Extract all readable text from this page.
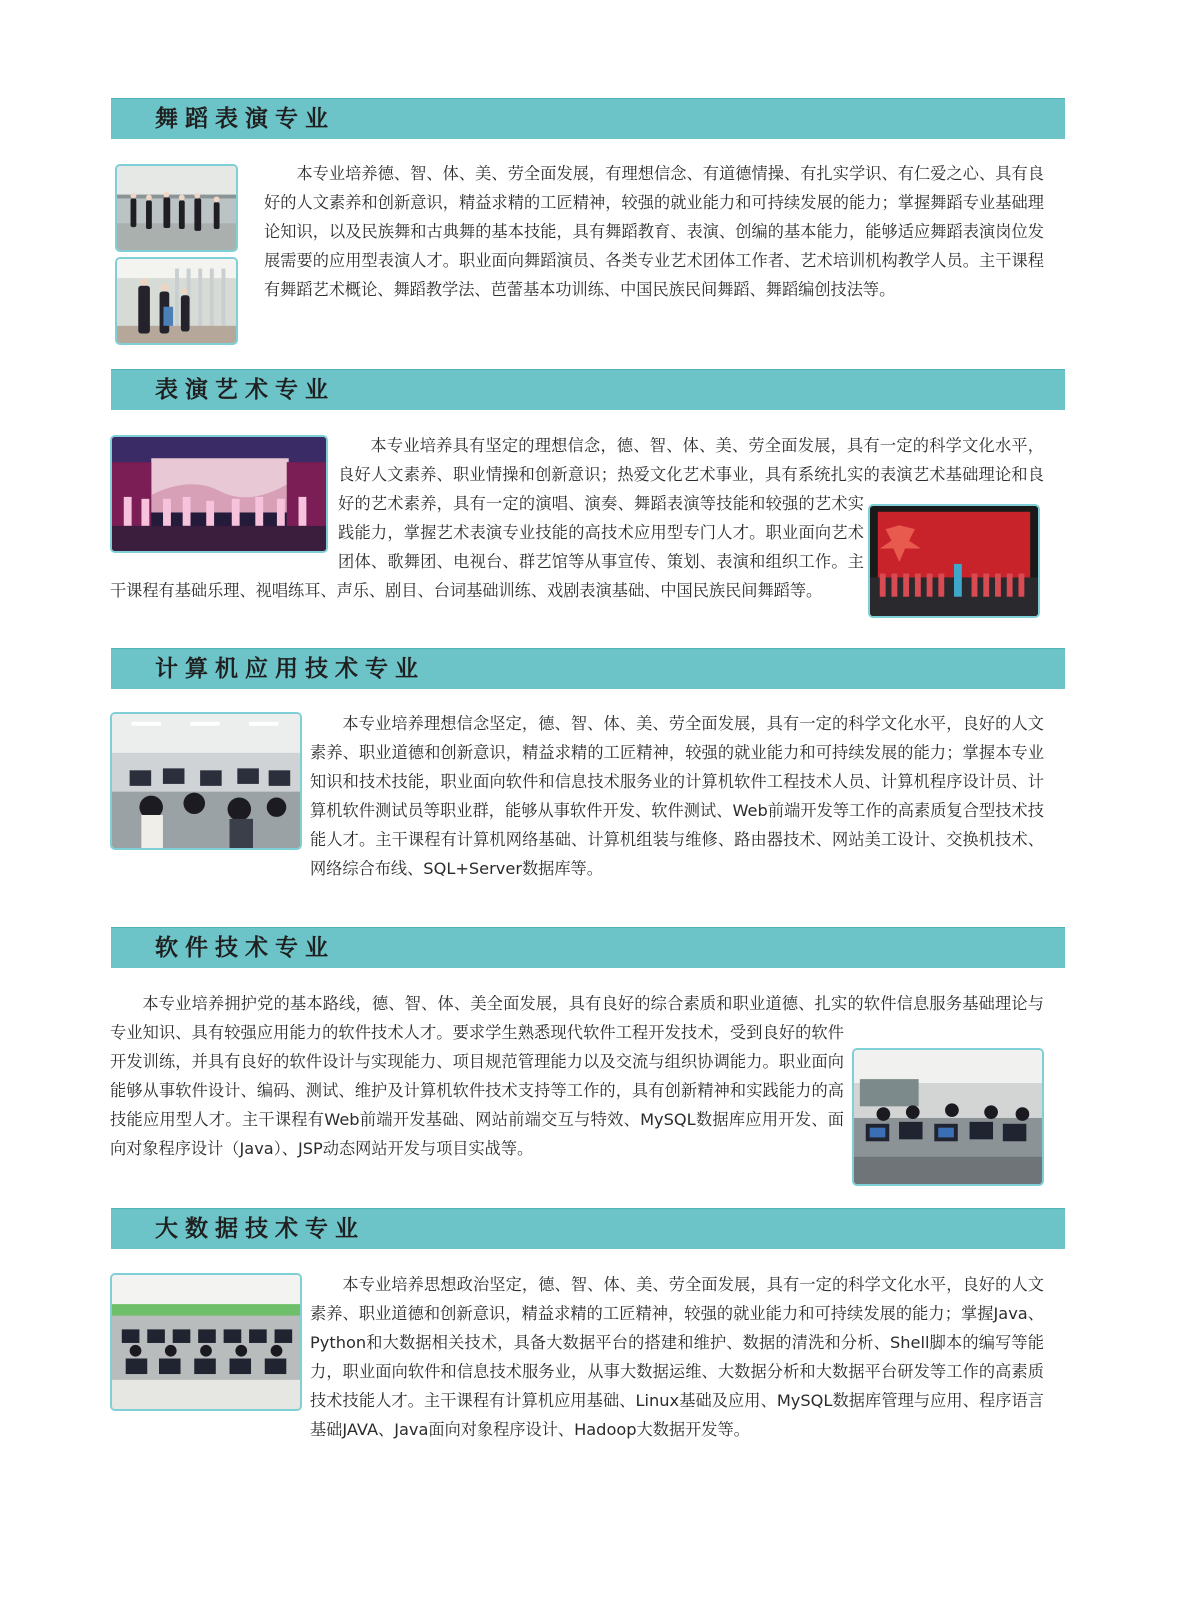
舞蹈表演专业

本专业培养德、智、体、美、劳全面发展，有理想信念、有道德情操、有扎实学识、有仁爱之心、具有良好的人文素养和创新意识，精益求精的工匠精神，较强的就业能力和可持续发展的能力；掌握舞蹈专业基础理论知识，以及民族舞和古典舞的基本技能，具有舞蹈教育、表演、创编的基本能力，能够适应舞蹈表演岗位发展需要的应用型表演人才。职业面向舞蹈演员、各类专业艺术团体工作者、艺术培训机构教学人员。主干课程有舞蹈艺术概论、舞蹈教学法、芭蕾基本功训练、中国民族民间舞蹈、舞蹈编创技法等。

表演艺术专业

本专业培养具有坚定的理想信念，德、智、体、美、劳全面发展，具有一定的科学文化水平，良好人文素养、职业情操和创新意识；热爱文化艺术事业，具有系统扎实的表演艺术基础理论和良好的艺术素养，具有一定的演唱、演奏、舞蹈表演等技能和较强的艺术实践能力，掌握艺术表演专业技能的高技术应用型专门人才。职业面向艺术团体、歌舞团、电视台、群艺馆等从事宣传、策划、表演和组织工作。主干课程有基础乐理、视唱练耳、声乐、剧目、台词基础训练、戏剧表演基础、中国民族民间舞蹈等。

计算机应用技术专业

本专业培养理想信念坚定，德、智、体、美、劳全面发展，具有一定的科学文化水平，良好的人文素养、职业道德和创新意识，精益求精的工匠精神，较强的就业能力和可持续发展的能力；掌握本专业知识和技术技能，职业面向软件和信息技术服务业的计算机软件工程技术人员、计算机程序设计员、计算机软件测试员等职业群，能够从事软件开发、软件测试、Web前端开发等工作的高素质复合型技术技能人才。主干课程有计算机网络基础、计算机组装与维修、路由器技术、网站美工设计、交换机技术、网络综合布线、SQL+Server数据库等。

软件技术专业

本专业培养拥护党的基本路线，德、智、体、美全面发展，具有良好的综合素质和职业道德、扎实的软件信息服务基础理论与专业知识、具有较强应用能力的软件技术人才。要求学生熟悉现代软件工程开发技术，受到良好的软件开发训练，并具有良好的软件设计与实现能力、项目规范管理能力以及交流与组织协调能力。职业面向能够从事软件设计、编码、测试、维护及计算机软件技术支持等工作的，具有创新精神和实践能力的高技能应用型人才。主干课程有Web前端开发基础、网站前端交互与特效、MySQL数据库应用开发、面向对象程序设计（Java）、JSP动态网站开发与项目实战等。

大数据技术专业

本专业培养思想政治坚定，德、智、体、美、劳全面发展，具有一定的科学文化水平，良好的人文素养、职业道德和创新意识，精益求精的工匠精神，较强的就业能力和可持续发展的能力；掌握Java、Python和大数据相关技术，具备大数据平台的搭建和维护、数据的清洗和分析、Shell脚本的编写等能力，职业面向软件和信息技术服务业，从事大数据运维、大数据分析和大数据平台研发等工作的高素质技术技能人才。主干课程有计算机应用基础、Linux基础及应用、MySQL数据库管理与应用、程序语言基础JAVA、Java面向对象程序设计、Hadoop大数据开发等。
